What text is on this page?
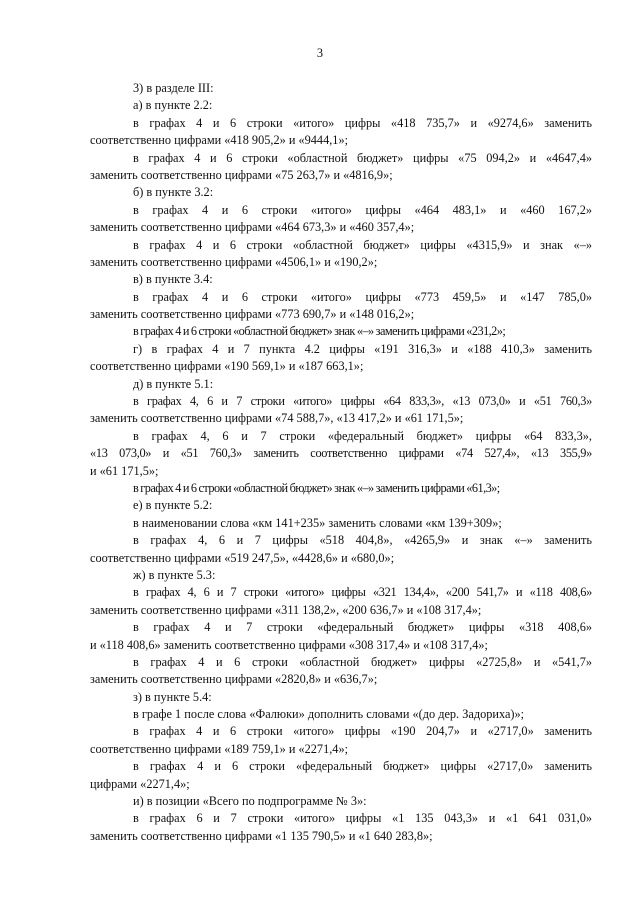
3
3) в разделе III:
а) в пункте 2.2:
в графах 4 и 6 строки «итого» цифры «418 735,7» и «9274,6» заменить
соответственно цифрами «418 905,2» и «9444,1»;
в графах 4 и 6 строки «областной бюджет» цифры «75 094,2» и «4647,4»
заменить соответственно цифрами «75 263,7» и «4816,9»;
б) в пункте 3.2:
в графах 4 и 6 строки «итого» цифры «464 483,1» и «460 167,2»
заменить соответственно цифрами «464 673,3» и «460 357,4»;
в графах 4 и 6 строки «областной бюджет» цифры «4315,9» и знак «–»
заменить соответственно цифрами «4506,1» и «190,2»;
в) в пункте 3.4:
в графах 4 и 6 строки «итого» цифры «773 459,5» и «147 785,0»
заменить соответственно цифрами «773 690,7» и «148 016,2»;
в графах 4 и 6 строки «областной бюджет» знак «–» заменить цифрами «231,2»;
г) в графах 4 и 7 пункта 4.2 цифры «191 316,3» и «188 410,3» заменить
соответственно цифрами «190 569,1» и «187 663,1»;
д) в пункте 5.1:
в графах 4, 6 и 7 строки «итого» цифры «64 833,3», «13 073,0» и «51 760,3»
заменить соответственно цифрами «74 588,7», «13 417,2» и «61 171,5»;
в графах 4, 6 и 7 строки «федеральный бюджет» цифры «64 833,3»,
«13 073,0» и «51 760,3» заменить соответственно цифрами «74 527,4», «13 355,9»
и «61 171,5»;
в графах 4 и 6 строки «областной бюджет» знак «–» заменить цифрами «61,3»;
е) в пункте 5.2:
в наименовании слова «км 141+235» заменить словами «км 139+309»;
в графах 4, 6 и 7 цифры «518 404,8», «4265,9» и знак «–» заменить
соответственно цифрами «519 247,5», «4428,6» и «680,0»;
ж) в пункте 5.3:
в графах 4, 6 и 7 строки «итого» цифры «321 134,4», «200 541,7» и «118 408,6»
заменить соответственно цифрами «311 138,2», «200 636,7» и «108 317,4»;
в графах 4 и 7 строки «федеральный бюджет» цифры «318 408,6»
и «118 408,6» заменить соответственно цифрами «308 317,4» и «108 317,4»;
в графах 4 и 6 строки «областной бюджет» цифры «2725,8» и «541,7»
заменить соответственно цифрами «2820,8» и «636,7»;
з) в пункте 5.4:
в графе 1 после слова «Фалюки» дополнить словами «(до дер. Задориха)»;
в графах 4 и 6 строки «итого» цифры «190 204,7» и «2717,0» заменить
соответственно цифрами «189 759,1» и «2271,4»;
в графах 4 и 6 строки «федеральный бюджет» цифры «2717,0» заменить
цифрами «2271,4»;
и) в позиции «Всего по подпрограмме № 3»:
в графах 6 и 7 строки «итого» цифры «1 135 043,3» и «1 641 031,0»
заменить соответственно цифрами «1 135 790,5» и «1 640 283,8»;
